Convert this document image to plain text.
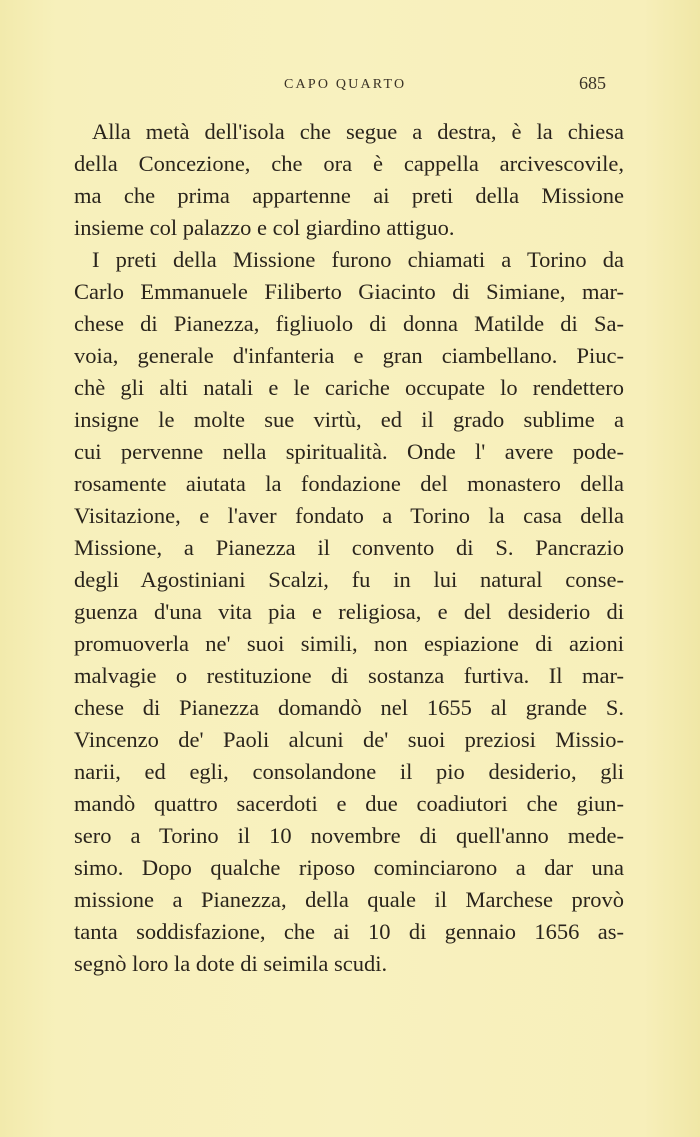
CAPO QUARTO	685
Alla metà dell'isola che segue a destra, è la chiesa
della Concezione, che ora è cappella arcivescovile,
ma che prima appartenne ai preti della Missione
insieme col palazzo e col giardino attiguo.
I preti della Missione furono chiamati a Torino da
Carlo Emmanuele Filiberto Giacinto di Simiane, mar-
chese di Pianezza, figliuolo di donna Matilde di Sa-
voia, generale d'infanteria e gran ciambellano. Piuc-
chè gli alti natali e le cariche occupate lo rendettero
insigne le molte sue virtù, ed il grado sublime a
cui pervenne nella spiritualità. Onde l' avere pode-
rosamente aiutata la fondazione del monastero della
Visitazione, e l'aver fondato a Torino la casa della
Missione, a Pianezza il convento di S. Pancrazio
degli Agostiniani Scalzi, fu in lui natural conse-
guenza d'una vita pia e religiosa, e del desiderio di
promuoverla ne' suoi simili, non espiazione di azioni
malvagie o restituzione di sostanza furtiva. Il mar-
chese di Pianezza domandò nel 1655 al grande S.
Vincenzo de' Paoli alcuni de' suoi preziosi Missio-
narii, ed egli, consolandone il pio desiderio, gli
mandò quattro sacerdoti e due coadiutori che giun-
sero a Torino il 10 novembre di quell'anno mede-
simo. Dopo qualche riposo cominciarono a dar una
missione a Pianezza, della quale il Marchese provò
tanta soddisfazione, che ai 10 di gennaio 1656 as-
segnò loro la dote di seimila scudi.
